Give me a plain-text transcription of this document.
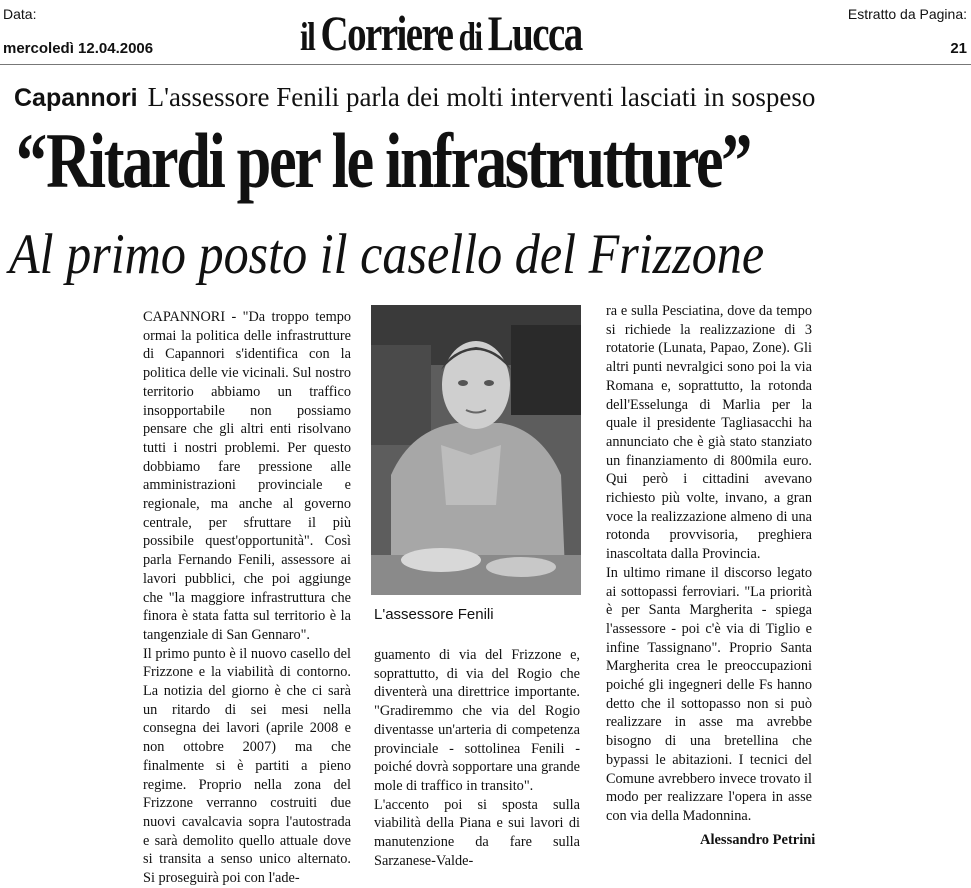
Data:
mercoledì 12.04.2006	il Corriere di Lucca	Estratto da Pagina:
21
Capannori L'assessore Fenili parla dei molti interventi lasciati in sospeso
‘‘Ritardi per le infrastrutture”
Al primo posto il casello del Frizzone

CAPANNORI - "Da troppo tempo ormai la politica delle infrastrutture di Capannori s'identifica con la politica delle vie vicinali. Sul nostro territorio abbiamo un traffico insopportabile non possiamo pensare che gli altri enti risolvano tutti i nostri problemi. Per questo dobbiamo fare pressione alle amministrazioni provinciale e regionale, ma anche al governo centrale, per sfruttare il più possibile quest'opportunità". Così parla Fernando Fenili, assessore ai lavori pubblici, che poi aggiunge che "la maggiore infrastruttura che finora è stata fatta sul territorio è la tangenziale di San Gennaro".

Il primo punto è il nuovo casello del Frizzone e la viabilità di contorno. La notizia del giorno è che ci sarà un ritardo di sei mesi nella consegna dei lavori (aprile 2008 e non ottobre 2007) ma che finalmente si è partiti a pieno regime. Proprio nella zona del Frizzone verranno costruiti due nuovi cavalcavia sopra l'autostrada e sarà demolito quello attuale dove si transita a senso unico alternato. Si proseguirà poi con l'ade-

L'assessore Fenili

guamento di via del Frizzone e, soprattutto, di via del Rogio che diventerà una direttrice importante. "Gradiremmo che via del Rogio diventasse un'arteria di competenza provinciale - sottolinea Fenili - poiché dovrà sopportare una grande mole di traffico in transito".

L'accento poi si sposta sulla viabilità della Piana e sui lavori di manutenzione da fare sulla Sarzanese-Valde-

ra e sulla Pesciatina, dove da tempo si richiede la realizzazione di 3 rotatorie (Lunata, Papao, Zone). Gli altri punti nevralgici sono poi la via Romana e, soprattutto, la rotonda dell'Esselunga di Marlia per la quale il presidente Tagliasacchi ha annunciato che è già stato stanziato un finanziamento di 800mila euro. Qui però i cittadini avevano richiesto più volte, invano, a gran voce la realizzazione almeno di una rotonda provvisoria, preghiera inascoltata dalla Provincia.

In ultimo rimane il discorso legato ai sottopassi ferroviari. "La priorità è per Santa Margherita - spiega l'assessore - poi c'è via di Tiglio e infine Tassignano". Proprio Santa Margherita crea le preoccupazioni poiché gli ingegneri delle Fs hanno detto che il sottopasso non si può realizzare in asse ma avrebbe bisogno di una bretellina che bypassi le abitazioni. I tecnici del Comune avrebbero invece trovato il modo per realizzare l'opera in asse con via della Madonnina.

Alessandro Petrini
